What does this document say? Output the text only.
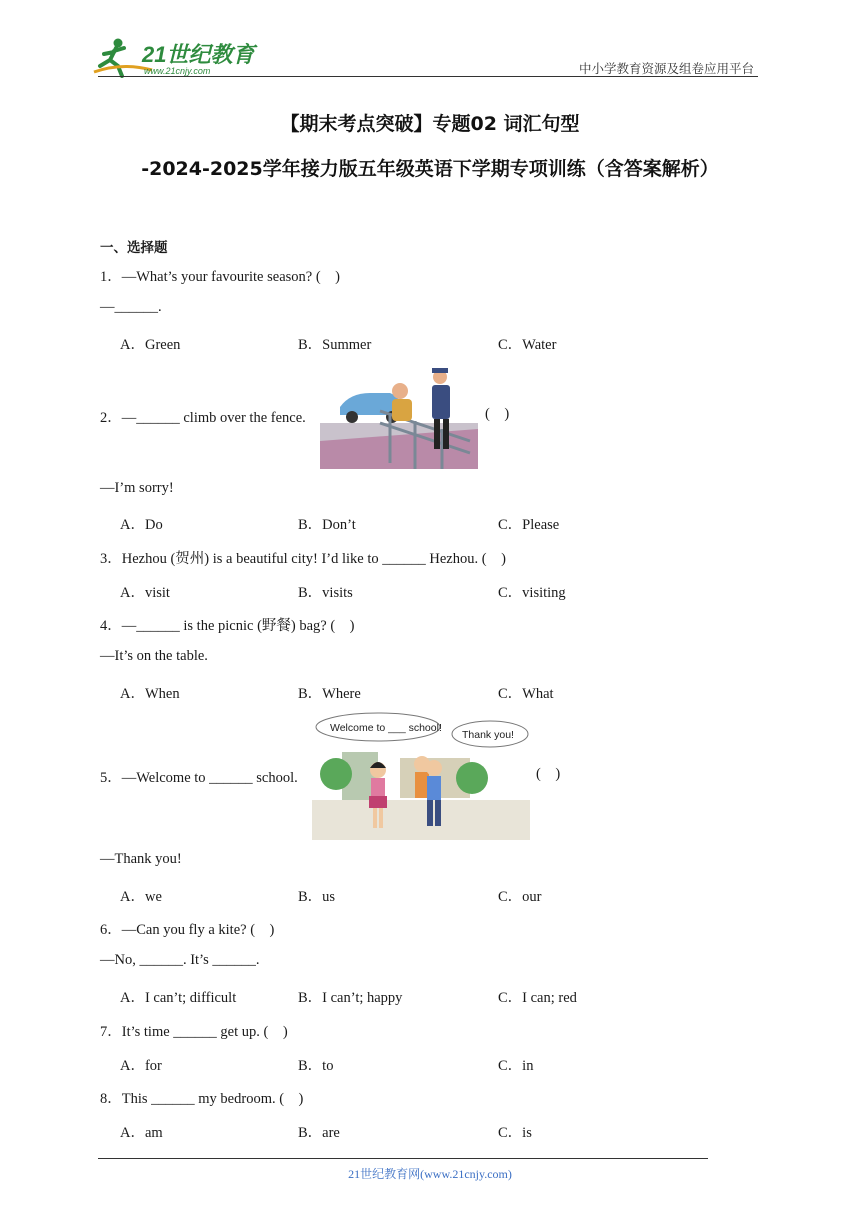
21世纪教育
www.21cnjy.com	中小学教育资源及组卷应用平台
【期末考点突破】专题02 词汇句型
-2024-2025学年接力版五年级英语下学期专项训练（含答案解析）
一、选择题
1．—What’s your favourite season? (    )
—______.
A．Green	B．Summer	C．Water
2．—______ climb over the fence.	(    )
—I’m sorry!
A．Do	B．Don’t	C．Please
3．Hezhou (贺州) is a beautiful city! I’d like to ______ Hezhou. (    )
A．visit	B．visits	C．visiting
4．—______ is the picnic (野餐) bag? (    )
—It’s on the table.
A．When	B．Where	C．What
5．—Welcome to ______ school.
Welcome to ___ school!
Thank you!
(    )
—Thank you!
A．we	B．us	C．our
6．—Can you fly a kite? (    )
—No, ______. It’s ______.
A．I can’t; difficult	B．I can’t; happy	C．I can; red
7．It’s time ______ get up. (    )
A．for	B．to	C．in
8．This ______ my bedroom. (    )
A．am	B．are	C．is
21世纪教育网(www.21cnjy.com)
